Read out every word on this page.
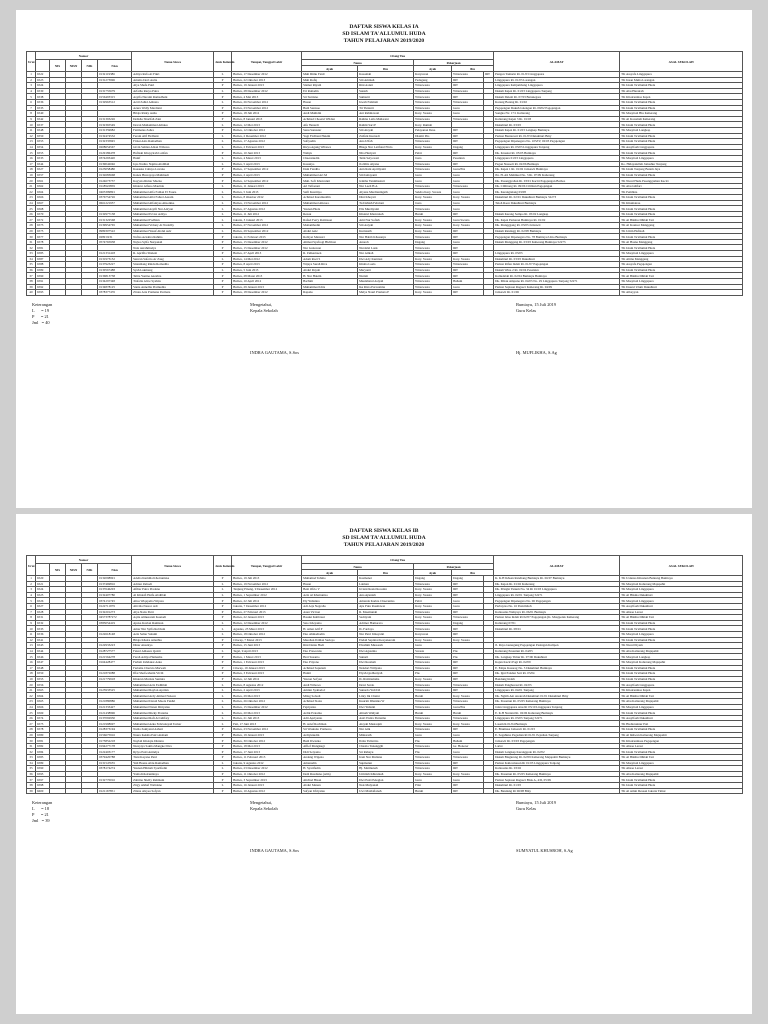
DAFTAR SISWA KELAS IA
SD ISLAM TA'ALLUMUL HUDA
TAHUN PELAJARAN 2019/2020
Urut	Nomor					Nama Siswa	Jenis Kelamin	Tempat, Tanggal Lahir	Orang Tua					ALAMAT	ASAL SEKOLAH
		NIS	NISN	NIK	Nisn				Nama		Pekerjaan				
									Ayah	Ibu	Ayah	Ibu			
1	6522				0132119386	Aditya Rafa Al Fikri	L	Brebes, 17 Desember 2012	Muh Dimu Fanil	Kasomah	Karyawan	Wiraswasta	IRT	Pangon Tamarin Rt. 01/03 Linggapura	TK Assyafa Linggapura
2	6523				0131273996	Amalia Devi Aulia	P	Brebes, 22 Oktober 2013	Muh Rofiq	Siti Aminah	Pedagang	IRT		Linggapura Rt. 01/03 Larangan	TK Insan Mulia Larangan
3	6524					Alya Shafa Putri	P	Brebes, 19 Januari 2013	Slamet Riyadi	Rini Astuti	Wiraswasta	IRT		Linggapura Kalijambang Linggapura	TK Islam Ta'allumul Huda
4	6530				0131755679	Arfatha Rasya Putra	L	Brebes, 28 Desember 2012	Eri Rohadin	Susiah	Wiraswasta	Wiraswasta		Dukuh Kajen Rt. 01/03 Linggapura Tonjong	TK Abu Hurairah
5	6538				0156493315	Asyifa Nuraini Ramadhani	P	Brebes, 4 Mei 2013	Sri Sutrisno	Sumarni	Wiraswasta	IRT		Dukuh Dalem Rt. 07/03 Batunegara	TK Khoirunnisa Kajen
6	6536				0132963512	Azril Zahid Adinata	L	Brebes, 26 November 2012	Hasan	Iswah Fatimah	Wiraswasta	Wiraswasta		Karang Batang Rt. 01/02	TK Islam Ta'allumul Huda
7	6535					Azura Wally Mardiani	P	Brebes, 23 November 2012	Budi Santoso	Tri Yuniarti	Wiraswasta	Guru		Pagojengan Dukuh Gitengan Rt. 09/02 Pagojengan	TK Islam Ta'allumul Huda
8	6540					Bilqis Rizky Aulia	P	Brebes, 18 Juli 2012	Andi Muhidin	Ani Rahmawati	Kary. Swasta	Guru		Songka Nv. 17/1 Kalierang	TK Masyitoh Hiu Kalierang
9	6542				0131393226	Delisha Sharifah Zain	P	Brebes, 8 Januari 2013	Achmad Choerul Wildan	Rahma Laila Muharani	Wiraswasta	Wiraswasta		Kalierang Kajen 3 Rt. 01/03	TK Al Karomah Kalierang
10	6537				0132365549	Devan Muhammad Athaku	L	Brebes, 12 Mei 2013	Afu Yunardi	Rahmi Sari P	Kary. Rumah			Dukuhturi Rt. 03/03	TK Islam Ta'allumul Huda
11	6548				0131359982	Fatimatus Zahra	P	Brebes, 12 Oktober 2012	Sanu Sanusiar	Siti Aisyah	Pelayanan Desa	IRT		Dukuh Kajen Rt. 01/03 Langkap Bumiayu	TK Masyitoh Langkap
12	6550				0132474532	Ferani Alif Firdhani	L	Brebes, 2 Desember 2012	Yogi Firdhani Hakim	Zulfani Kurnadi	Diatmi Pns	IRT		Pamon Bantarsari Rt. 01/03 Dukuhturi Bmy	TK Islam Ta'allumul Huda
13	6553				0132335845	Firnai Anis Ramadhan	L	Brebes, 17 Agustus 2012	Sofiyudin	Ana Ulfah	Wiraswasta	IRT		Pagojengan Dipanegara No. 105/IV, 02/03 Pagojengan	TK Islam Ta'allumul Huda
14	6554				0208654567	Givin Sahlan Abian Wibawa	L	Brebes, 2 Februari 2013	Rizya Agung Wibawa	Bhaga Nur Latifatul Fitria	Kary. Swasta	Dagang		Linggapura Rt. 03/03 Linggapura Tonjong	TK Assyifaah Linggapura
15	6555				0129186478	Hafizah Khoyyirah Latifan	P	Brebes, 10 Juni 2013	Wahyu	Nita Hariyati	Pabri	IRT		Dk. Krasnut Rt. 05/05 Bumiayu	TK Islam Ta'allumul Huda
16	6533				0374293420	Hanif	L	Brebes, 4 Maret 2013	Chaeranudin	Tetik Setyowati	Jasra	Pesantun		Linggapura 01/03 Linggapura	TK Masyitoh Linggapura
17	6544				0139042046	Iqro Nadiro Najmu Abdillah	L	Brebes, 5 April 2013	Kasunyo	Jia Rhis Alyana	Wiraswasta	IRT		Pagon Nusaoli Rt. 02/06 Bumiayu	Ro. Hidayatullah Jatisuhur Tonjong
18	6527				0123058480	Kaasuka Cahaya Luvana	P	Brebes, 17 September 2012	Dani Fandila	Ann Rani Apriliyanti	Wiraswasta	Guru/Pns		Dk. Kajen 1 Rt. 01/02 Jatisawit Bumiayu	TK Islam Tonjong Batam Jaya
19	6557				0132683668	Kanza Huwayaya Mahmudi	P	Brebes, 2 April 2013	Muhammad Ari M	Siti Ismayanti	Guru	Guru		Jln. H. Ali Mahmud No. 3 Rt. 07/09 Kalierang	TK Islam Ta'allumul Huda
20	6561				0124673737	Kayysia Rimar Mazna	P	Brebes, 12 September 2012	Muh. Sofi Khoirunni	Jenitha Yennihastuti	Guru	Guru		Dk. Pasanggrahan Rt. 03/01 Kaciri Pagojengan Barbos	TK Nurul Huda Pasanggrahan Kaciri
21	6562				0118922859	Khairur Alfano Maulida	L	Brebes, 11 Januari 2013	Ari Taftazani	Nur Laeli H.A	Wiraswasta	Wiraswasta		Dk. Cililitang Rt. 09/06 Cililitan Pagojengan	TK Abu Ghifari
22	6564				0403399891	Muhammad Alfa Fathan El Fauza	L	Brebes, 5 Juni 2013	Saifi Kusrinyo	Alyana Mardianingsih	Seleba Kary. Swasta	Guru		Dk. Karangtalang 03/08	TK Pembina
23	6566				0376754726	Muhammad Albi Fahrel Azzam	L	Brebes, 8 Oktober 2012	Achmad Karamuddin	Dini Khoyati	Kary. Swasta	Kary. Swasta		Dukuhturi Rt. 02/01 Dukuhturi Bumiayu 52273	TK Islam Ta'allumul Huda
24	6567				0661221957	Muhammad Alfantyas Ahsonika	L	Brebes, 13 November 2012	Muhammad Alkroro	Tu Dahlah Febriani	Jasra	Guru		Taloh Raon Dukuhturi Bumiayu	TK Khumairaa
25	6568					Muhammad Asyifi Nur Adryan	L	Brebes, 27 Agustus 2012	Yusnan Huda	Elis Murdiyanti	Wiraswasta	Guru			TK Islam Ta'allumul Huda
26	6570				0132977138	Muhammad Erviot Aditya	L	Brebes, 11 Juli 2012	Rezok	Khoirul Khoirunah	Buruh	IRT		Dukuh Karang Sampo Rt. 05/02 Langkap	TK Islam Ta'allumul Huda
27	6572				0131322568	Muhammad Fadhlan	L	Jakarta, 3 Januari 2013	Rafael Ferry Robinson	Ami Nur Sofiah	Kary. Swasta	Guru Swasta		Dk. Kajen Pemaran Bumiayu Rt. 01/02	TK Al Bikhtu Dhilah Tari
28	6573				0139954765	Muhammad Vrdany Al Nadalby	L	Brebes, 27 November 2012	Mohamhedin	Siti Asiyah	Kary. Swasta	Kary. Swasta		Dk. Mangggang Rt. 03/03 Jatisawit	TK Al Kautsar Manggang
29	6575				0989307522	Muhammad Yusuf Abdul Azir	L	Brebes, 29 September 2012	Abdul Aziz	Kurniasih	Kary. Swasta	IRT		Dukuh Randugg Rt. 02/08 Bumiayu	TK Umm Hafizah
30	6577				0289 0231	Nafisa Azzahra Rahma	P	Jakarta, 11 Februari 2013	Robiyet Mansuri	Nur Habib Khasanya	Wiraswasta	IRT		Pagojengan Dipanegara No. 78 Bumiayu Unio Bumiayu	TK Islam Ta'allumul Huda
31	6578				0574765938	Najwa Syifa Nuryanah	P	Brebes, 15 Desember 2012	Ahmad Syafrogi Hizbbon	Anaroh	Dagang	Guru		Dukuh Manggang Rt. 03/03 Kalierang Bumiayu 52273	TK Al Hasna Manggang
32	6581					Nala Azrahmadya	P	Brebes, 15 Desember 2012	Nur Gunawan	Nurdalal Luzk	Wiraswasta	IRT			TK Islam Ta'allumul Huda
33	6585				0121331418	R. Apriftia Shaleni	P	Brebes, 27 April 2013	R. Zulkarnaen	Nur Amiah	Wiraswasta	IRT		Linggapura Rt. 03/03	TK Masyitoh Linggapura
34	6587				0131973152	Sanvan Saferio Ar Zaug	L	Brebes, 14 Mei 2012	Adam Rozi S	Dwi Ady Kurniasi	Kary. Swasta	Kary. Swasta		Dukuhturi Rt. 03/03 Dukuhturi	TK Alima Manggang
35	6588				0137923227	Sirandiang Rindu Romadila	P	Brebes, 8 April 2013	Wijaya Surah Riva	Khalia Laela	Wiraswasta	Wiraswasta		Pamon Rifan Indah Rt. 01/07 Pagojengan	TK Assyafa Pagojengan
36	6589				0130567488	Syah Lukmang	L	Brebes, 5 Juni 2013	Abdul Rayah	Maryanti	Wiraswasta	IRT		Dukuh Wina 2 Rt. 02/04 Pesantun	TK Islam Ta'allumul Huda
37	6590				0136813738	Talita Yonine Azzahra	P	Brebes, 28 Maret 2013	H. Nur Hakim	Nuriah	Wiraswasta	IRT		Kaliudalah Rt. 02/04 Bumiayu Bumiayu	TK Al Bikhtu Dhilah Tari
38	6591				0134297348	Trafalia Alice Syahda	P	Brebes, 10 April 2012	Bachim	Maulahatul Asiyah	Wiraswasta	Buham		Dk. Mitak Ampuna Rt. 04/03 No. 29 Linggapura Tonjong 52271	TK Masyitoh Linggapura
39	6592				0134878125	Vania Annellia Pramudita	P	Brebes, 29 Januari 2013	Muhammad Idris	Ika Rista Purwatima	Wiraswasta	Guru		Pamon Saplaon Ragasci Kalierang Rt. 04/09	TK Daarul Ulum Dukuhturi
40	6593				0378377476	Ziratu Aria Pramana Permata	P	Brebes, 18 Desember 2012	Rapatio	Melya Nauri Pramata P	Kary. Swasta	IRT		Jatisawit Rt. 01/06	TK Albayyan
Keterangan
L      = 19
P      = 21
Jml   = 40
Mengetahui,
Kepala Sekolah
Bumiayu, 15 Juli 2019
Guru Kelas
INDRA GAUTAMA, S.Sos	Hj. MUFLIKHA, S.Ag
DAFTAR SISWA KELAS IB
SD ISLAM TA'ALLUMUL HUDA
TAHUN PELAJARAN 2019/2020
Urut	Nomor					Nama Siswa	Jenis Kelamin	Tempat, Tanggal Lahir	Orang Tua					ALAMAT	ASAL SEKOLAH
		NIS	NISN	NIK	Nisn				Nama		Pekerjaan				
									Ayah	Ibu	Ayah	Ibu			
1	6520				0132098991	Adelia Kumiha Khoirunnisa	P	Brebes, 19 Juli 2013	Muhamad Tohmo	Kasmanei	Dagang	Dagang		K. K.H Ikhsan Randiang Bumiayu Rt. 06/07 Bumiayu	TK Ustunsa Khusnan Bantung Bumiayu
2	6521				0137469816	Adrian Zuhodi	L	Brebes, 19 November 2012	Hasan	Laiman	Wiraswasta	IRT		Dk. Kajon Rt. 01/02 Kalierang	TK Masyitoh Kalierang Majapahit
3	6524				0137646203	Afthar Putra Pradana	L	Tanjung Pinang, 9 Desember 2012	Beni Ofrio V	Irviani Reski Rosanin	Kary. Swasta	IRT		Dk. Pringin Yanum No. 34 Rt 01/03 Linggapura	TK Masyitoh Linggapura
4	6525				0132407780	Al Khaisfi Haifa Abdillah	L	Brebes, 1 September 2012	Aziz Al Khairunisa	Ana Ayuniah	Kary. Swasta	IRT		Linggapura Rt. 02/01 Tonjong 52271	TK Al Hikma Dukuhturi
5	6526				0374131745	Alisa Wiqayelia Wiyeza	P	Brebes, 22 Juli 2012	Ely Yuliantro	Amanda Karina Chaerunisa	Pabri	Guru		Pagojengan Dipanegara No. 06 Pagojengan	TK Masyitoh Linggapura
6	6527				0122711979	Alivdia Nasror Adi	P	Jakarta, 7 Desember 2012	Adi Arja Negraha	Ayu Putu Rosmawat	Kary. Swasta	Guru		Parbaytsa No. 16 Pasirmiloh	TK Assyifaah Dukuhturi
7	6528				0132201273	Alya Nada Putri	P	Brebes, 27 Februari 2013	Asun Viciron	R. Maemunah	Wiraswasta	IRT		Kaliosalas Wahyaya Rt. 06/01 Bumiayu	TK Ahsaa Larasi
8	6531				04573787272	Aqila Almuzarah Kouiadi	P	Brebes, 22 Januari 2013	Basuki Kalibraui	Sadriyani	Kary. Swasta	Wiraswasta		Pamon Islaa Indah Rt 02/07 Pagojengan (K. Musjpolak Kalierang	TK Al Bikhtu Dhilah Tari
9	6532				0383054419	Ayoka Kavian Ramizan	L	Brebes, 12 Desember 2012	Sato Irdeyanto	Adriner Hamorara	Wiraswasta	Dagang		Kalierang 07/01	TK Islam Ta'allumul Huda
10	6533					Amar Nur Syifa Robbani	L	Agustus, 23 Maret 2013	H. Amar Alif P	Ib. Fardaya	Wiraswasta	IRT		Dukuhturi Rt. 08/01	TK Islam Ta'allumul Huda
11	6536				0122618148	Aziz Sabur Sulaim	L	Brebes, 18 Oktober 2012	Eko Ahmadiadin	Nur Putri Irmayanti	Karyawan	IRT			TK Masyitoh Linggapura
12	6541					Bilqis Khaira Amathia	P	Cilacap, 7 Maret 2013	Marehan Ibtihan Sudoyo	Endah Septinai Kesyakaram	Kary. Swasta	Kary. Swasta			TK Islam Ta'allumul Huda
13	6543				0122933223	Dinar Aisuniya	P	Brebes, 15 Juni 2013	Rini Dania Hadi	Ebrahim Miesarah	Guru			Jl. Raya Gunagung Pagojengan Pesingan Kalipon	TK Nurul Iliyam
14	6544				0128727577	Faizel Athaaza Qolzit	L	Tegal, 9 April 2013	Eko Prawondo	Dwi Agustina	Swasta	Pns		Kalierang Pesantun Rt. 04/05	TK Abu Kalierang Majapahit
15	6546				0121564278	Farah Aditya Hamasha	P	Brebes, 1 Maret 2013	Heri Susanto	Sunarti	Wiraswasta	Pns		Dk. Langkap Timur Rt. 07/06 Dukuhturi	TK Masyitoh Langkap
16	6547				0164428477	Farhah Zahdakat Azka	P	Brebes, 1 Februari 2013	Eko Priyono	Dwi Rosmah	Wiraswasta	IRT		Kajen Kaciri Pagi Rt. 02/09	TK Masyitoh Kalierang Majapahit
17	6548					Farisma Chesvia Marwah	P	Cilacap, 19 Januari 2013	Achmad Saputam	Nendari Wiliyana	Wiraswasta	IRT		E. Empu Kasarag No. 3 Dukuhturi Bumiayu	TK Islam Ta'allumul Huda
18	6550				0121872088	Iffat Shofwahatin Vivili	P	Brebes, 3 Februari 2013	Haniti	Elyah Qodhariyah	Pns	IRT		Dk. Igni Pandan Sari Rt. 03/04	TK Islam Ta'allumul Huda
19	6555				0121779918	Khairun Murista Sunnira	P	Brebes, 12 Juli 2012	Yusron Sofyan	Ib. Risbitamaha	Kary. Swasta	IRT		Bandung Indah	TK Islam Ta'allumul Huda
20	6556					Muhammad Aziz Fadhilah	L	Brebes, 8 Agustus 2012	Andi Wibowo	Dewi Sardo	Wiraswasta	Wiraswasta		Dukuh Panghorasi Rt. 02/03	TK Assyifaah Linggapura
21	6563				0125933525	Muhammad Raylan Aprilan	L	Brebes, 2 April 2013	Amnin Syahada I	Sunarda Yuli Dd	Wiraswasta	IRT		Linggapura Rt. 04/01 Tonjong	TK Khoirunnisa Kajen
22	6564					Muhammad Ardy Ahmad Noleon	L	Brebes, 29 Mei 2013	Milag Sobadi	Linty Ini Chaini	Buruh	Kary. Swasta		Dk. Ngitih Ant Awatrah Dukuhturi 01/01 Dukuhturi Bmy	TK Al Bikhtu Dhilah Tari
23	6565				0121880886	Muhammad Daroh Maola Fakhri	L	Brebes, 26 Oktober 2012	Achmad Siatre	Kuurim Dhanika W	Wiraswasta	Wiraswasta		Dk. Pesantun Rt. 05/05 Kalierang Bumiayu	TK Abu Kalierang Majapahit
24	6566				0121333427	Muhammad Naren Diriyanto	L	Brebes, 15 Desember 2012	Fajriyanto	Dwi Yulianti	Wiraswasta	Guru/Pns		Jalan Linggapura Atas Rt 03/10 Linggapura Tonjong	TK Masyitoh Linggapura
25	6569				0121438996	Muhammad Rizky Pratama	L	Brebes, 20 Mei 2013	Ardik Pratama	Alinah Wahyuti	Buruh	Buruh		E. K.H Nuriani Rt. 02/06 Kalierang Bumiayu	TK Islam Ta'allumul Huda
26	6574				0137092930	Muhammad Rafi Al Ghifary	L	Brebes, 21 Juli 2013	Adit Apriyanto	Astri Endra Purnama	Wiraswasta	Wiraswasta		Linggapura Rt. 03/03 Tonjong 52271	TK Assyifaah Dukuhturi
27	6575				0121998697	Muhammad Azka Febriansyah Tomar	L	Pati, 17 Juni 2013	H. Arief Rachman	Aisyah Mustaqim	Kary. Swasta	Kary. Swasta		Lasem R.01/04 Bumiayu	TK Hudlotunnur Pati
28	6578				0128373194	Nadia Zakiyatul Azhari	P	Brebes, 23 November 2012	Sri Wasksito Pramono	Nur Aini	Wiraswasta	IRT		E. Brumusa Jatisawit Rt. 01/03	TK Islam Ta'allumul Huda
29	6580				0156675916	Naura Keisha Putri Aisham	P	Brebes, 19 Januari 2013	Ardiyunudin	Mintarsih	Guru	Guru		E. Segahirus Pegadian Rt 01/01 Pejadian Tonjong	TK Al Ikhwan Kalierang Majapahit
30	6581				0175852218	Naylah Kholqia Diniatu	P	Brebes, 30 Oktober 2012	Budi Dwianto	Ibrita Yelisrtito	Pns	Buham		Jatisawit Rt. 03/03 Pagojengan	TK Khoirunnisaa Pagojengan
31	6582				0194277178	Nursyiya Sakila Mangke Diva	P	Brebes, 18 Mei 2013	Affief Mangkugi	Chastia Tunanggih	Wiraswasta	Gr. Honorer		Larisi	TK Ahsaa Larasi
32	6584				0122403177	Ryiya Putri Anindya	P	Brebes, 17 Juni 2013	Didi Setyanto	Sri Rahayu	Pns	Guru		Dukuh Langkap Karanggede Rt. 02/02	TK Islam Ta'allumul Huda
33	6585				0379420788	Tisni Kayana Putri	P	Brebes, 11 Februari 2013	Andang Wigena	Irani Nur Maliana	Wiraswasta	Wiraswasta		Dukuh Blagkrung Rt. 02/09 Kalierang Majapahit Bumiayu	TK Al Bikhtu Dhilah Tari
34	6589				0131547655	Yuli Heena Abiu Ramadhan	L	Jakarta, 9 Agustus 2012	Amanudin	Supinatun	Wiraswasta	IRT		Pamon Kalicomasan Rt 01/03 Linggapura Tonjong	TK Masyitoh Linggapura
35	6590				0378174274	Yusnan Hilmah Syarifudin	L	Brebes, 23 Desember 2012	H. Syarifudin	Hj. Maimunah	Wiraswasta	IRT		Kaliosalas Rt. 03/02	TK Ahsaa Larasi
36	6595					Ysma Khoirunnisya	P	Brebes, 11 Oktober 2012	Dedi Rusdiana (Alm)	Urmilah Khiruniah	Kary. Swasta	Kary. Swasta		Dk. Pesantun Rt. 05/05 Kalierang Bumiayu	TK Abu Kalierang Majapahit
37	6597				0132770016	Zahrina Shelly Rahmani	P	Brebes, 3 September 2013	Ahchad Hisan	Dwi Putri Pelegian	Guru	Guru		Pamon Saplaon Ragasci Blok A, 4/II, 05/09	TK Islam Ta'allumul Huda
38	6598					Zirgy Alshaf Walidane	L	Brebes, 16 Januari 2013	Abdul Manan	Nok Mulyanah	Ptlar	IRT		Dukuhturi Rt. 01/03	TK Islam Ta'allumul Huda
39	6600				0121167851	Zilana Alsyea Sofyan	P	Brebes, 10 Agustus 2012	Sofyan Irfriyanto	Uwi Maldaftanah	Buruh	IRT		Dk. Bandung Rt 06/08 Bmy	TK Al Amin Desaan Jakarta Timur
Keterangan
L      = 18
P      = 21
Jml   = 39
Mengetahui,
Kepala Sekolah
Bumiayu, 15 Juli 2019
Guru Kelas
INDRA GAUTAMA, S.Sos	SUMYATUL KHUSROH, S.Ag
